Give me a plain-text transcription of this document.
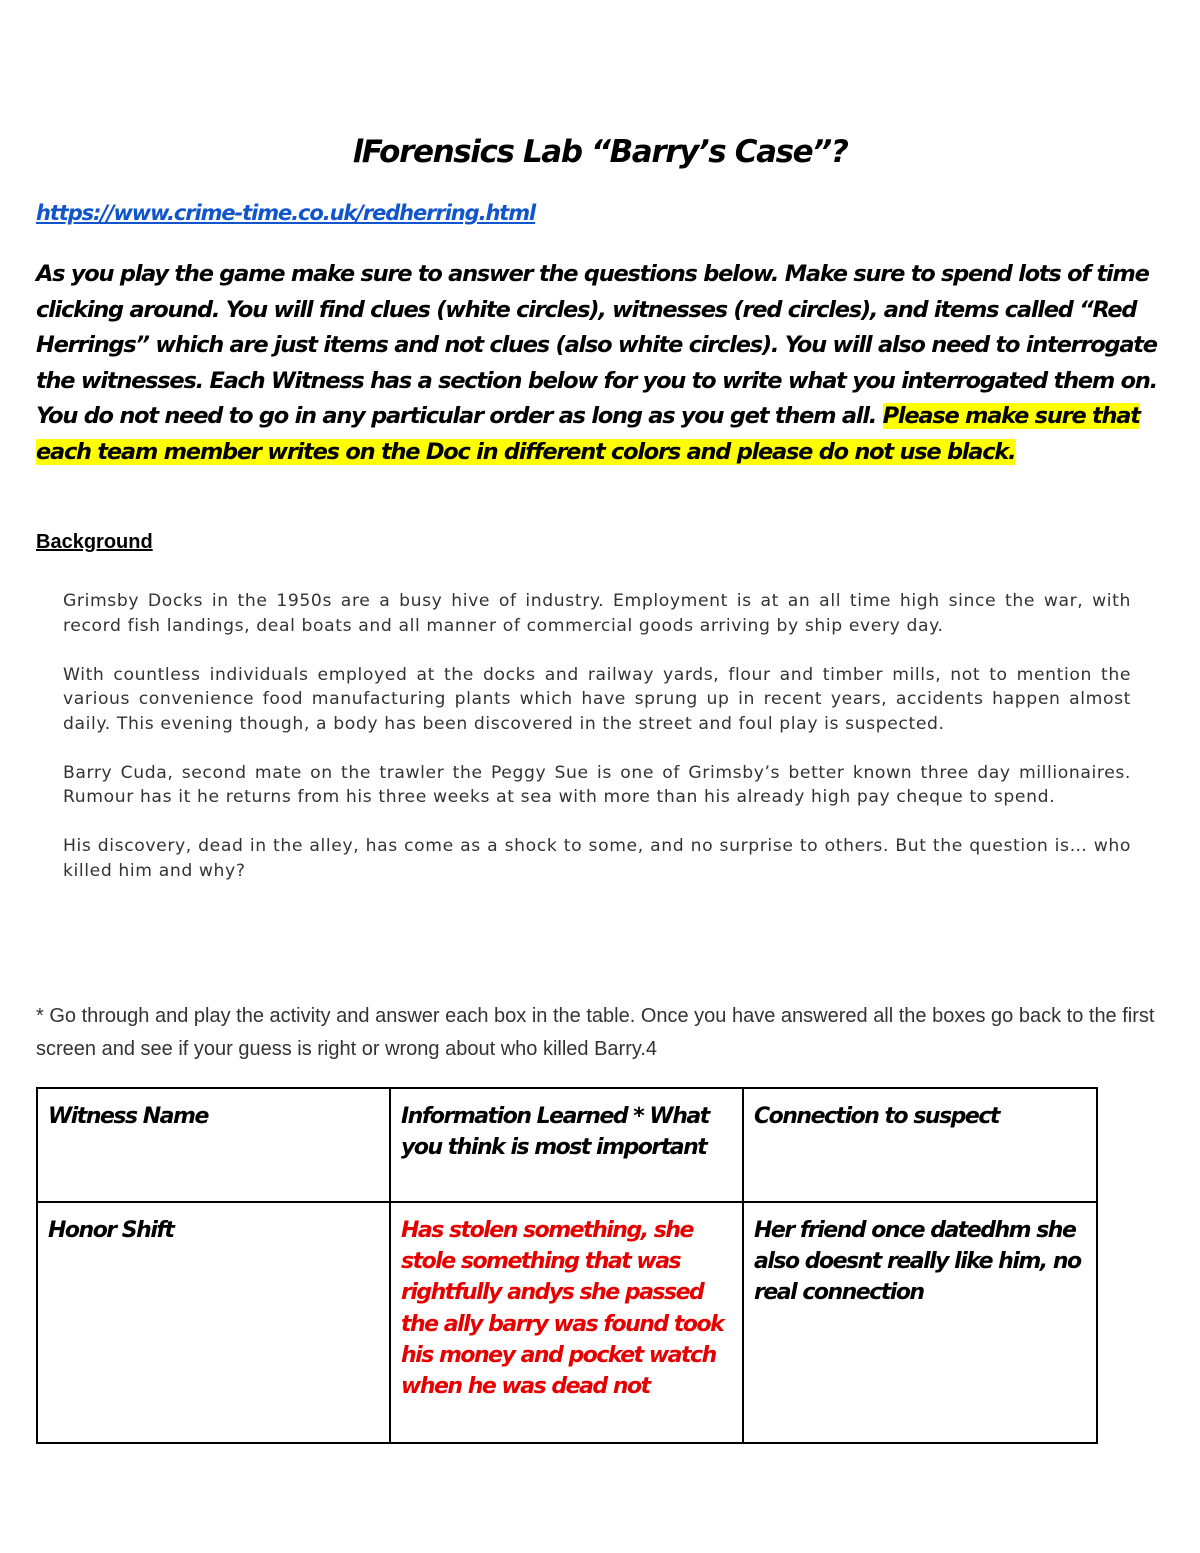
lForensics Lab “Barry’s Case”?
https://www.crime-time.co.uk/redherring.html

As you play the game make sure to answer the questions below. Make sure to spend lots of time clicking around. You will find clues (white circles), witnesses (red circles), and items called “Red Herrings” which are just items and not clues (also white circles). You will also need to interrogate the witnesses. Each Witness has a section below for you to write what you interrogated them on. You do not need to go in any particular order as long as you get them all. Please make sure that each team member writes on the Doc in different colors and please do not use black.

Background

Grimsby Docks in the 1950s are a busy hive of industry. Employment is at an all time high since the war, with record fish landings, deal boats and all manner of commercial goods arriving by ship every day.

With countless individuals employed at the docks and railway yards, flour and timber mills, not to mention the various convenience food manufacturing plants which have sprung up in recent years, accidents happen almost daily. This evening though, a body has been discovered in the street and foul play is suspected.

Barry Cuda, second mate on the trawler the Peggy Sue is one of Grimsby’s better known three day millionaires. Rumour has it he returns from his three weeks at sea with more than his already high pay cheque to spend.

His discovery, dead in the alley, has come as a shock to some, and no surprise to others. But the question is… who killed him and why?

* Go through and play the activity and answer each box in the table. Once you have answered all the boxes go back to the first screen and see if your guess is right or wrong about who killed Barry.4

Witness Name	Information Learned * What you think is most important	Connection to suspect
Honor Shift	Has stolen something, she stole something that was rightfully andys she passed the ally barry was found took his money and pocket watch when he was dead not	Her friend once datedhm she also doesnt really like him, no real connection
